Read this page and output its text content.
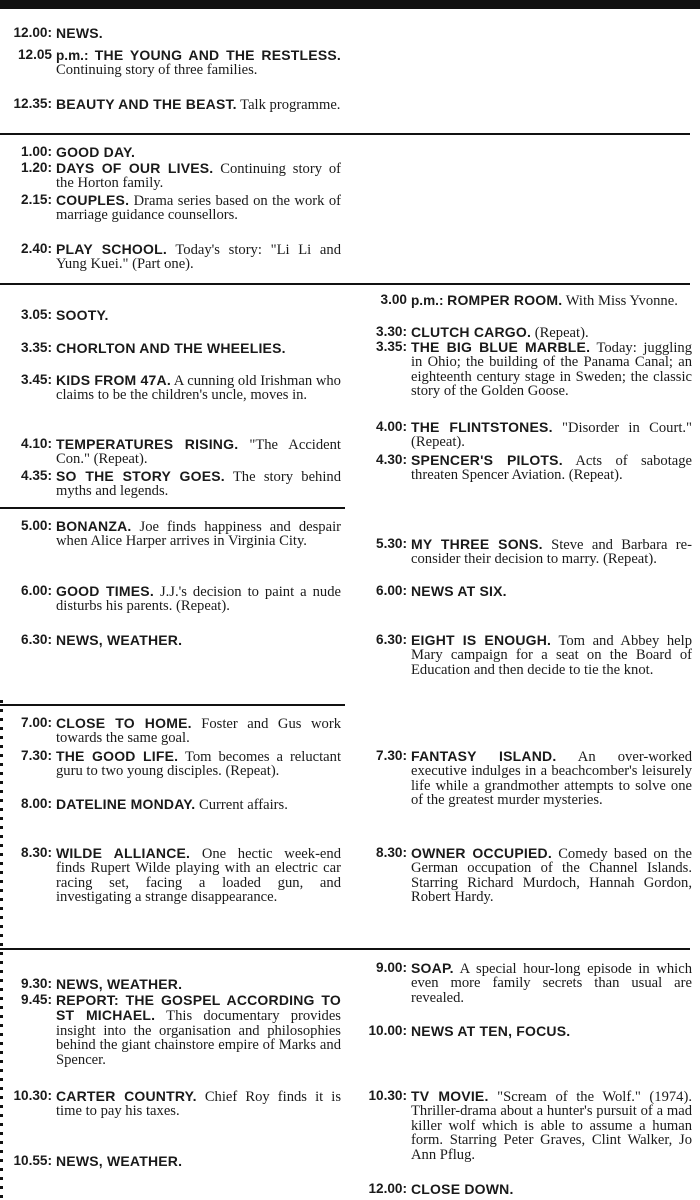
12.00: NEWS.
12.05 p.m.: THE YOUNG AND THE RESTLESS. Continuing story of three families.
12.35: BEAUTY AND THE BEAST. Talk programme.
1.00: GOOD DAY.
1.20: DAYS OF OUR LIVES. Continuing story of the Horton family.
2.15: COUPLES. Drama series based on the work of marriage guidance counsellors.
2.40: PLAY SCHOOL. Today's story: "Li Li and Yung Kuei." (Part one).
3.05: SOOTY.
3.35: CHORLTON AND THE WHEELIES.
3.45: KIDS FROM 47A. A cunning old Irishman who claims to be the children's uncle, moves in.
4.10: TEMPERATURES RISING. "The Accident Con." (Repeat).
4.35: SO THE STORY GOES. The story behind myths and legends.
5.00: BONANZA. Joe finds happiness and despair when Alice Harper arrives in Virginia City.
6.00: GOOD TIMES. J.J.'s decision to paint a nude disturbs his parents. (Repeat).
6.30: NEWS, WEATHER.
7.00: CLOSE TO HOME. Foster and Gus work towards the same goal.
7.30: THE GOOD LIFE. Tom becomes a reluctant guru to two young disciples. (Repeat).
8.00: DATELINE MONDAY. Current affairs.
8.30: WILDE ALLIANCE. One hectic week-end finds Rupert Wilde playing with an electric car racing set, facing a loaded gun, and investigating a strange disappearance.
9.30: NEWS, WEATHER.
9.45: REPORT: THE GOSPEL ACCORDING TO ST MICHAEL. This documentary provides insight into the organisation and philosophies behind the giant chainstore empire of Marks and Spencer.
10.30: CARTER COUNTRY. Chief Roy finds it is time to pay his taxes.
10.55: NEWS, WEATHER.
3.00 p.m.: ROMPER ROOM. With Miss Yvonne.
3.30: CLUTCH CARGO. (Repeat).
3.35: THE BIG BLUE MARBLE. Today: juggling in Ohio; the building of the Panama Canal; an eighteenth century stage in Sweden; the classic story of the Golden Goose.
4.00: THE FLINTSTONES. "Disorder in Court." (Repeat).
4.30: SPENCER'S PILOTS. Acts of sabotage threaten Spencer Aviation. (Repeat).
5.30: MY THREE SONS. Steve and Barbara re-consider their decision to marry. (Repeat).
6.00: NEWS AT SIX.
6.30: EIGHT IS ENOUGH. Tom and Abbey help Mary campaign for a seat on the Board of Education and then decide to tie the knot.
7.30: FANTASY ISLAND. An over-worked executive indulges in a beachcomber's leisurely life while a grandmother attempts to solve one of the greatest murder mysteries.
8.30: OWNER OCCUPIED. Comedy based on the German occupation of the Channel Islands. Starring Richard Murdoch, Hannah Gordon, Robert Hardy.
9.00: SOAP. A special hour-long episode in which even more family secrets than usual are revealed.
10.00: NEWS AT TEN, FOCUS.
10.30: TV MOVIE. "Scream of the Wolf." (1974). Thriller-drama about a hunter's pursuit of a mad killer wolf which is able to assume a human form. Starring Peter Graves, Clint Walker, Jo Ann Pflug.
12.00: CLOSE DOWN.
